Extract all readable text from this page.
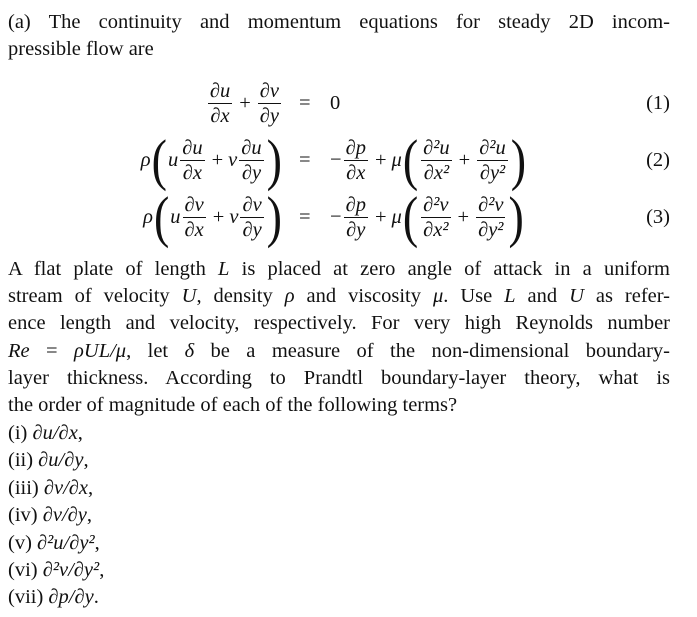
(a) The continuity and momentum equations for steady 2D incom-
pressible flow are
$\frac{\partial u}{\partial x} + \frac{\partial v}{\partial y} = 0$	(1)
ρ ( u $\frac{\partial u}{\partial x} + v \frac{\partial u}{\partial y}$ ) = − $\frac{\partial p}{\partial x} + \mu$ ( $\frac{\text{∂²u}}{\text{∂x²}} + \frac{\text{∂²u}}{\text{∂y²}}$ )	(2)
ρ ( u $\frac{\partial v}{\partial x} + v \frac{\partial v}{\partial y}$ ) = − $\frac{\partial p}{\partial y} + \mu$ ( $\frac{\text{∂²v}}{\text{∂x²}} + \frac{\text{∂²v}}{\text{∂y²}}$ )	(3)
A flat plate of length L is placed at zero angle of attack in a uniform
stream of velocity U, density ρ and viscosity μ. Use L and U as refer-
ence length and velocity, respectively. For very high Reynolds number
Re = ρUL/μ, let δ be a measure of the non-dimensional boundary-
layer thickness. According to Prandtl boundary-layer theory, what is
the order of magnitude of each of the following terms?
(i) ∂u/∂x,
(ii) ∂u/∂y,
(iii) ∂v/∂x,
(iv) ∂v/∂y,
(v) ∂²u/∂y²,
(vi) ∂²v/∂y²,
(vii) ∂p/∂y.
